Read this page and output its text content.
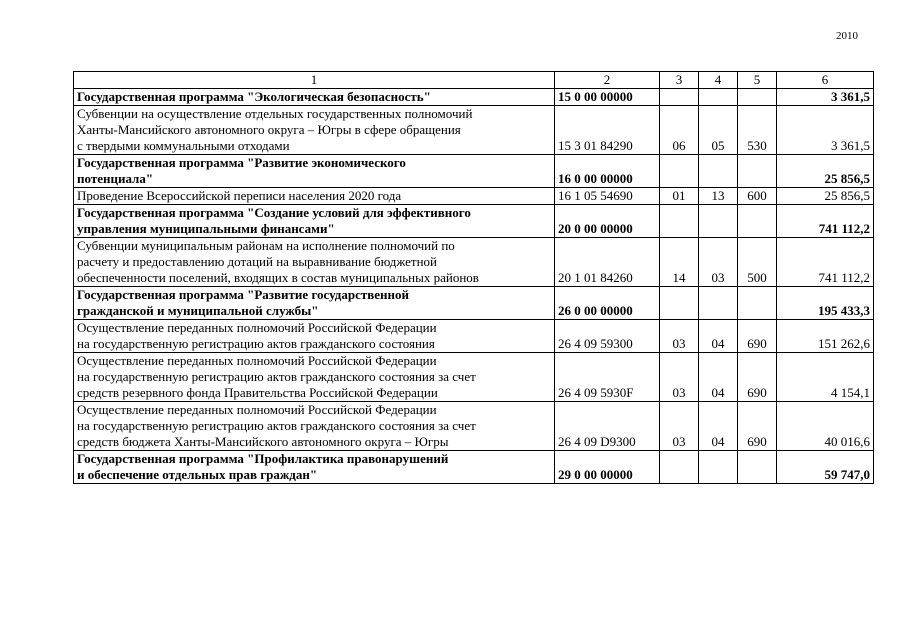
2010
1	2	3	4	5	6
Государственная программа "Экологическая безопасность"	15 0 00 00000				3 361,5
Субвенции на осуществление отдельных государственных полномочий
Ханты-Мансийского автономного округа – Югры в сфере обращения
с твердыми коммунальными отходами	15 3 01 84290	06	05	530	3 361,5
Государственная программа "Развитие экономического
потенциала"	16 0 00 00000				25 856,5
Проведение Всероссийской переписи населения 2020 года	16 1 05 54690	01	13	600	25 856,5
Государственная программа "Создание условий для эффективного
управления муниципальными финансами"	20 0 00 00000				741 112,2
Субвенции муниципальным районам на исполнение полномочий по
расчету и предоставлению дотаций на выравнивание бюджетной
обеспеченности поселений, входящих в состав муниципальных районов	20 1 01 84260	14	03	500	741 112,2
Государственная программа "Развитие государственной
гражданской и муниципальной службы"	26 0 00 00000				195 433,3
Осуществление переданных полномочий Российской Федерации
на государственную регистрацию актов гражданского состояния	26 4 09 59300	03	04	690	151 262,6
Осуществление переданных полномочий Российской Федерации
на государственную регистрацию актов гражданского состояния за счет
средств резервного фонда Правительства Российской Федерации	26 4 09 5930F	03	04	690	4 154,1
Осуществление переданных полномочий Российской Федерации
на государственную регистрацию актов гражданского состояния за счет
средств бюджета Ханты-Мансийского автономного округа – Югры	26 4 09 D9300	03	04	690	40 016,6
Государственная программа "Профилактика правонарушений
и обеспечение отдельных прав граждан"	29 0 00 00000				59 747,0
